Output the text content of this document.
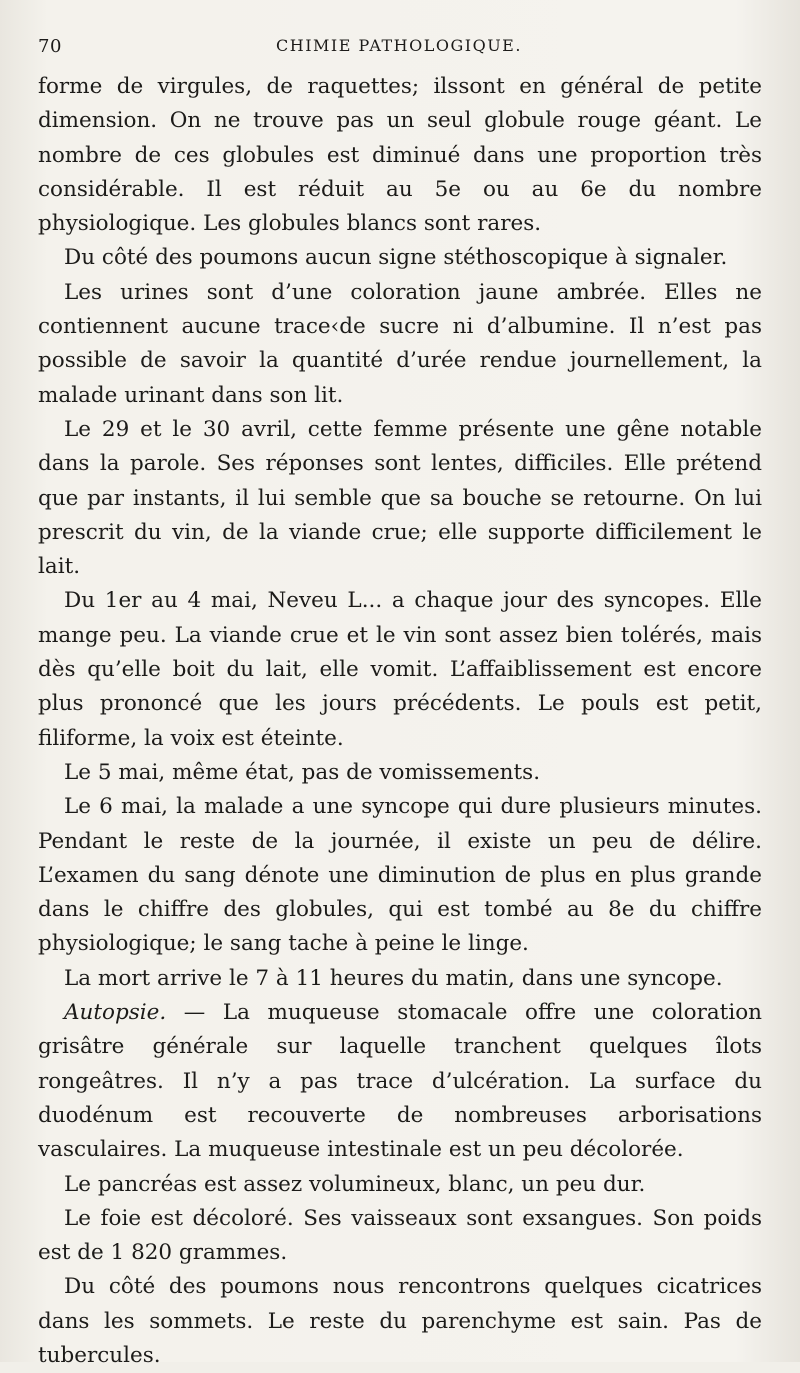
70	CHIMIE PATHOLOGIQUE.

forme de virgules, de raquettes; ilssont en général de petite dimension. On ne trouve pas un seul globule rouge géant. Le nombre de ces globules est diminué dans une proportion très considérable. Il est réduit au 5e ou au 6e du nombre physiologique. Les globules blancs sont rares.

Du côté des poumons aucun signe stéthoscopique à signaler.

Les urines sont d’une coloration jaune ambrée. Elles ne contiennent aucune trace‹de sucre ni d’albumine. Il n’est pas possible de savoir la quantité d’urée rendue journellement, la malade urinant dans son lit.

Le 29 et le 30 avril, cette femme présente une gêne notable dans la parole. Ses réponses sont lentes, difficiles. Elle prétend que par instants, il lui semble que sa bouche se retourne. On lui prescrit du vin, de la viande crue; elle supporte difficilement le lait.

Du 1er au 4 mai, Neveu L... a chaque jour des syncopes. Elle mange peu. La viande crue et le vin sont assez bien tolérés, mais dès qu’elle boit du lait, elle vomit. L’affaiblissement est encore plus prononcé que les jours précédents. Le pouls est petit, filiforme, la voix est éteinte.

Le 5 mai, même état, pas de vomissements.

Le 6 mai, la malade a une syncope qui dure plusieurs minutes. Pendant le reste de la journée, il existe un peu de délire. L’examen du sang dénote une diminution de plus en plus grande dans le chiffre des globules, qui est tombé au 8e du chiffre physiologique; le sang tache à peine le linge.

La mort arrive le 7 à 11 heures du matin, dans une syncope.

Autopsie. — La muqueuse stomacale offre une coloration grisâtre générale sur laquelle tranchent quelques îlots rongeâtres. Il n’y a pas trace d’ulcération. La surface du duodénum est recouverte de nombreuses arborisations vasculaires. La muqueuse intestinale est un peu décolorée.

Le pancréas est assez volumineux, blanc, un peu dur.

Le foie est décoloré. Ses vaisseaux sont exsangues. Son poids est de 1 820 grammes.

Du côté des poumons nous rencontrons quelques cicatrices dans les sommets. Le reste du parenchyme est sain. Pas de tubercules.
